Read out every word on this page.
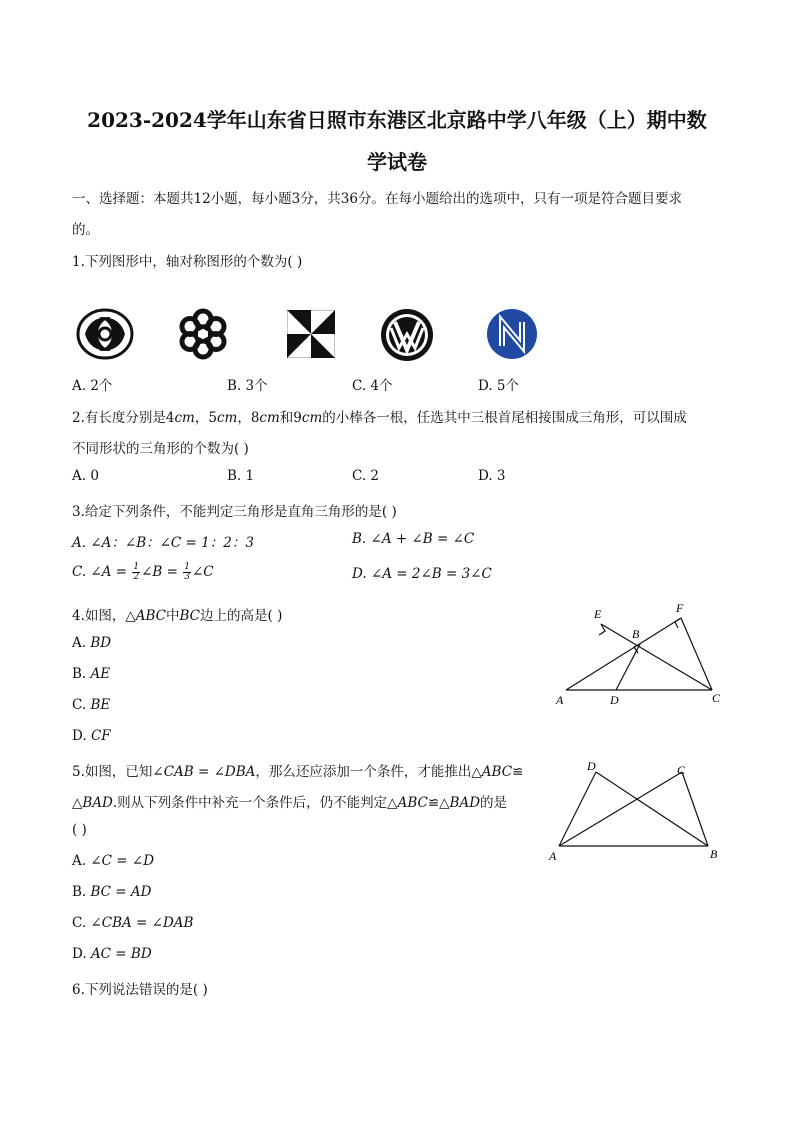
2023-2024学年山东省日照市东港区北京路中学八年级（上）期中数
学试卷
一、选择题：本题共12小题，每小题3分，共36分。在每小题给出的选项中，只有一项是符合题目要求
的。
1.下列图形中，轴对称图形的个数为( )
A. 2个	B. 3个	C. 4个	D. 5个
2.有长度分别是4cm，5cm，8cm和9cm的小棒各一根，任选其中三根首尾相接围成三角形，可以围成
不同形状的三角形的个数为( )
A. 0	B. 1	C. 2	D. 3
3.给定下列条件，不能判定三角形是直角三角形的是( )
A. ∠A：∠B：∠C = 1：2：3	B. ∠A + ∠B = ∠C
C. ∠A = $\frac{1}{2}$ ∠B = $\frac{1}{3}$ ∠C	D. ∠A = 2∠B = 3∠C
4.如图，△ABC中BC边上的高是( )
A. BD
B. AE
C. BE
D. CF
E	F
B
A	D	C
5.如图，已知∠CAB = ∠DBA，那么还应添加一个条件，才能推出△ABC≌
△BAD.则从下列条件中补充一个条件后，仍不能判定△ABC≌△BAD的是
( )
A. ∠C = ∠D
B. BC = AD
C. ∠CBA = ∠DAB
D. AC = BD
D	C
A	B
6.下列说法错误的是( )
